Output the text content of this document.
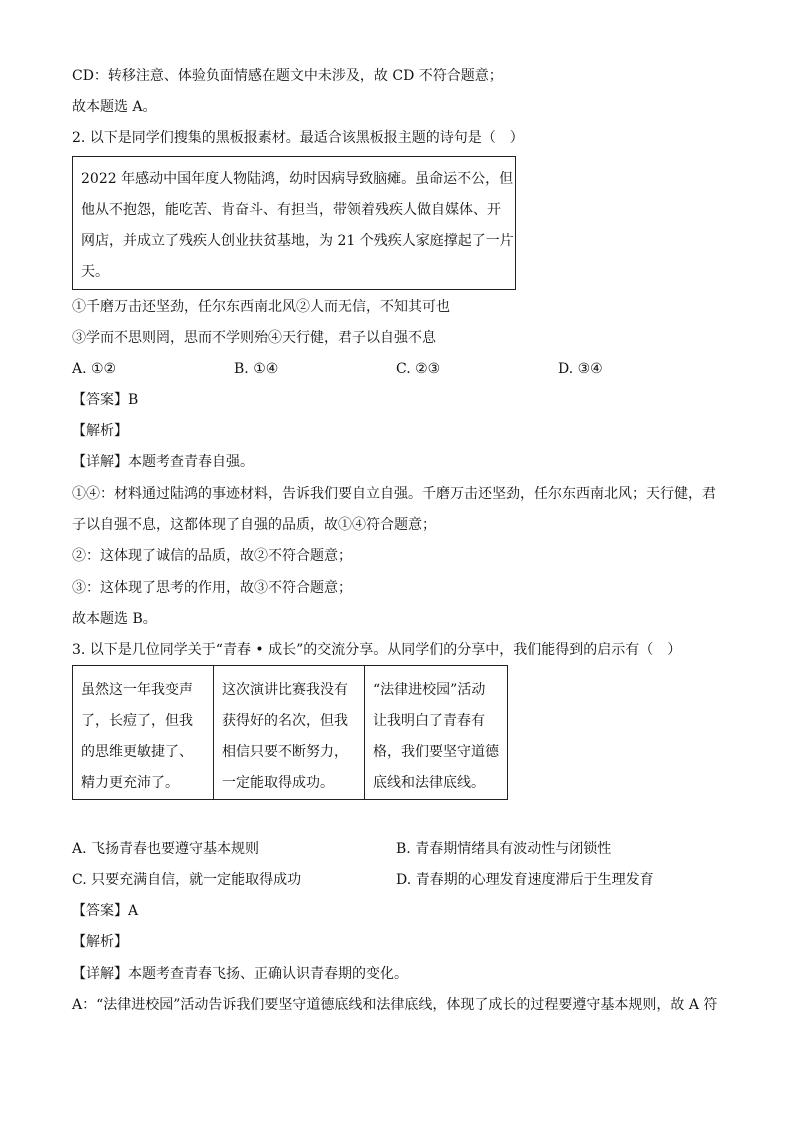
CD：转移注意、体验负面情感在题文中未涉及，故 CD 不符合题意；
故本题选 A。
2. 以下是同学们搜集的黑板报素材。最适合该黑板报主题的诗句是（　）
2022 年感动中国年度人物陆鸿，幼时因病导致脑瘫。虽命运不公，但
他从不抱怨，能吃苦、肯奋斗、有担当，带领着残疾人做自媒体、开
网店，并成立了残疾人创业扶贫基地，为 21 个残疾人家庭撑起了一片
天。
①千磨万击还坚劲，任尔东西南北风②人而无信，不知其可也
③学而不思则罔，思而不学则殆④天行健，君子以自强不息
A. ①②	B. ①④	C. ②③	D. ③④
【答案】B
【解析】
【详解】本题考查青春自强。
①④：材料通过陆鸿的事迹材料，告诉我们要自立自强。千磨万击还坚劲，任尔东西南北风；天行健，君
子以自强不息，这都体现了自强的品质，故①④符合题意；
②：这体现了诚信的品质，故②不符合题意；
③：这体现了思考的作用，故③不符合题意；
故本题选 B。
3. 以下是几位同学关于“青春 • 成长”的交流分享。从同学们的分享中，我们能得到的启示有（　）
虽然这一年我变声
了，长痘了，但我
的思维更敏捷了、
精力更充沛了。

这次演讲比赛我没有
获得好的名次，但我
相信只要不断努力，
一定能取得成功。

“法律进校园”活动
让我明白了青春有
格，我们要坚守道德
底线和法律底线。
A. 飞扬青春也要遵守基本规则	B. 青春期情绪具有波动性与闭锁性
C. 只要充满自信，就一定能取得成功	D. 青春期的心理发育速度滞后于生理发育
【答案】A
【解析】
【详解】本题考查青春飞扬、正确认识青春期的变化。
A：“法律进校园”活动告诉我们要坚守道德底线和法律底线，体现了成长的过程要遵守基本规则，故 A 符
